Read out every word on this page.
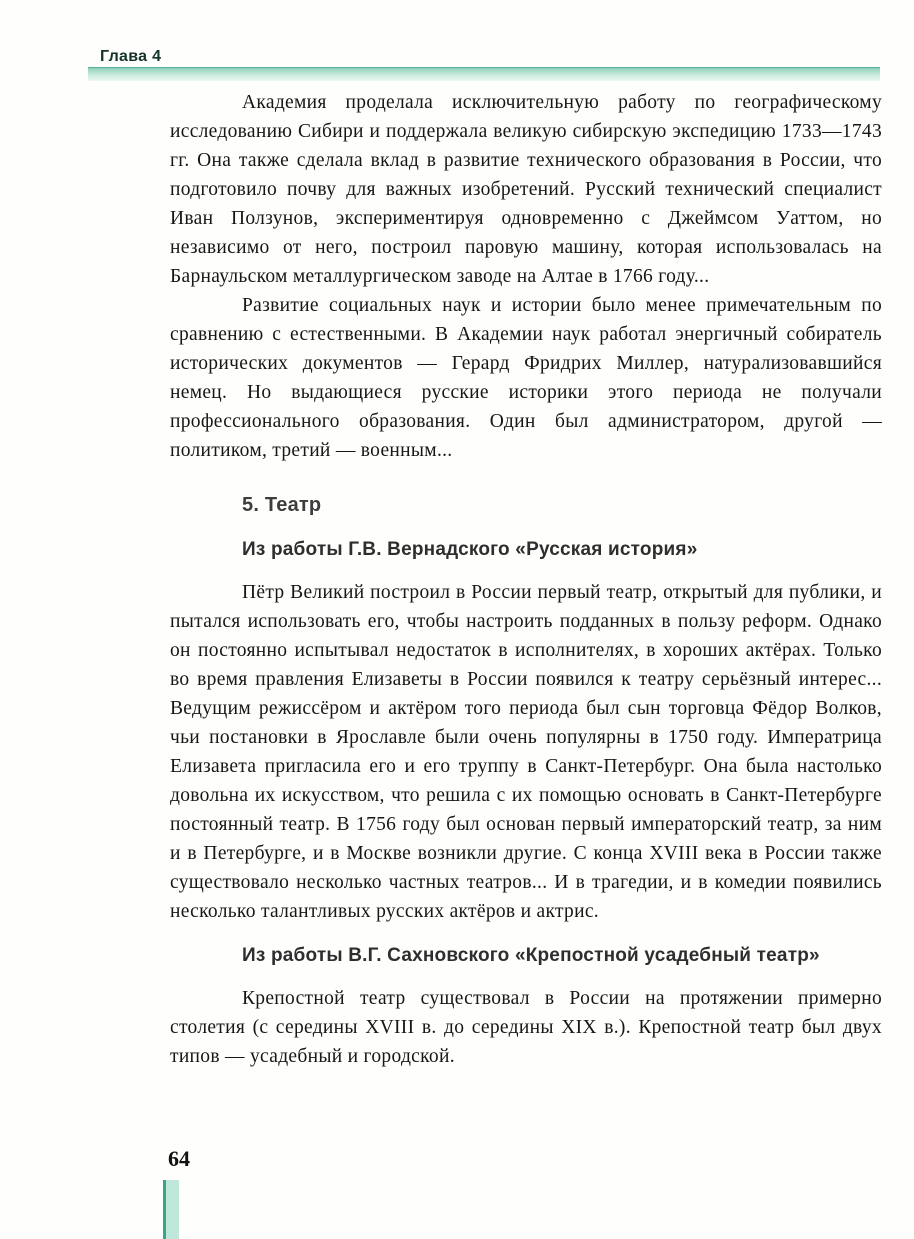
Глава 4

Академия проделала исключительную работу по географическому исследованию Сибири и поддержала великую сибирскую экспедицию 1733—1743 гг. Она также сделала вклад в развитие технического образования в России, что подготовило почву для важных изобретений. Русский технический специалист Иван Ползунов, экспериментируя одновременно с Джеймсом Уаттом, но независимо от него, построил паровую машину, которая использовалась на Барнаульском металлургическом заводе на Алтае в 1766 году...

Развитие социальных наук и истории было менее примечательным по сравнению с естественными. В Академии наук работал энергичный собиратель исторических документов — Герард Фридрих Миллер, натурализовавшийся немец. Но выдающиеся русские историки этого периода не получали профессионального образования. Один был администратором, другой — политиком, третий — военным...

5. Театр
Из работы Г.В. Вернадского «Русская история»

Пётр Великий построил в России первый театр, открытый для публики, и пытался использовать его, чтобы настроить подданных в пользу реформ. Однако он постоянно испытывал недостаток в исполнителях, в хороших актёрах. Только во время правления Елизаветы в России появился к театру серьёзный интерес... Ведущим режиссёром и актёром того периода был сын торговца Фёдор Волков, чьи постановки в Ярославле были очень популярны в 1750 году. Императрица Елизавета пригласила его и его труппу в Санкт-Петербург. Она была настолько довольна их искусством, что решила с их помощью основать в Санкт-Петербурге постоянный театр. В 1756 году был основан первый императорский театр, за ним и в Петербурге, и в Москве возникли другие. С конца XVIII века в России также существовало несколько частных театров... И в трагедии, и в комедии появились несколько талантливых русских актёров и актрис.

Из работы В.Г. Сахновского «Крепостной усадебный театр»

Крепостной театр существовал в России на протяжении примерно столетия (с середины XVIII в. до середины XIX в.). Крепостной театр был двух типов — усадебный и городской.

64
